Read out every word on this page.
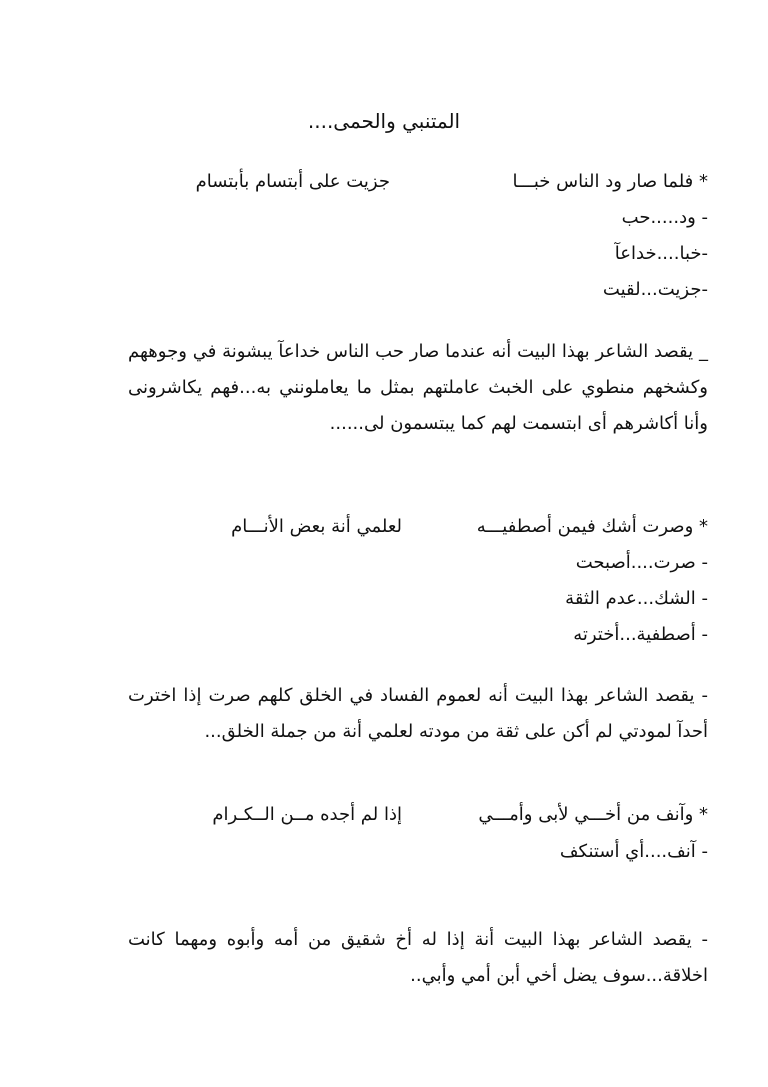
المتنبي والحمى....
* فلما صار ود الناس خبـــا
جزيت على أبتسام بأبتسام
- ود.....حب
-خبا....خداعآ
-جزيت...لقيت
_ يقصد الشاعر بهذا البيت أنه عندما صار حب الناس خداعآ يبشونة في وجوههم وكشخهم منطوي على الخبث عاملتهم بمثل ما يعاملونني به...فهم يكاشرونى وأنا أكاشرهم أى ابتسمت لهم كما يبتسمون لى......
* وصرت أشك فيمن أصطفيـــه
لعلمي أنة بعض الأنـــام
- صرت....أصبحت
- الشك...عدم الثقة
- أصطفية...أخترته
- يقصد الشاعر بهذا البيت أنه لعموم الفساد في الخلق كلهم صرت إذا اخترت أحدآ لمودتي لم أكن على ثقة من مودته لعلمي أنة من جملة الخلق...
* وآنف من أخـــي لأبى وأمـــي
إذا لم أجده مــن الــكـرام
- آنف....أي أستنكف
- يقصد الشاعر بهذا البيت أنة إذا له أخ شقيق من أمه وأبوه ومهما كانت اخلاقة...سوف يضل أخي أبن أمي وأبي..
